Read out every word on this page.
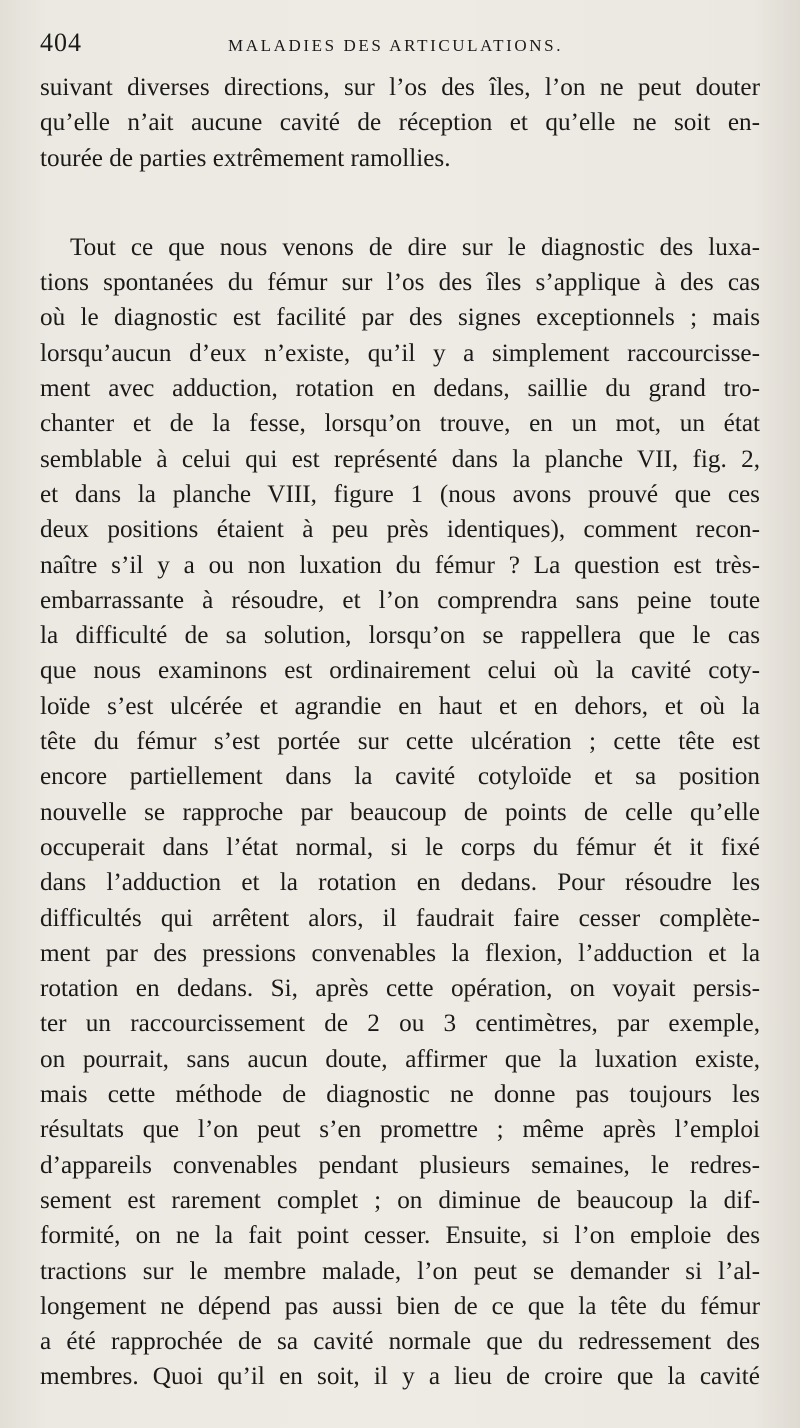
404	MALADIES DES ARTICULATIONS.
suivant diverses directions, sur l’os des îles, l’on ne peut douter
qu’elle n’ait aucune cavité de réception et qu’elle ne soit en-
tourée de parties extrêmement ramollies.
Tout ce que nous venons de dire sur le diagnostic des luxa-
tions spontanées du fémur sur l’os des îles s’applique à des cas
où le diagnostic est facilité par des signes exceptionnels ; mais
lorsqu’aucun d’eux n’existe, qu’il y a simplement raccourcisse-
ment avec adduction, rotation en dedans, saillie du grand tro-
chanter et de la fesse, lorsqu’on trouve, en un mot, un état
semblable à celui qui est représenté dans la planche VII, fig. 2,
et dans la planche VIII, figure 1 (nous avons prouvé que ces
deux positions étaient à peu près identiques), comment recon-
naître s’il y a ou non luxation du fémur ? La question est très-
embarrassante à résoudre, et l’on comprendra sans peine toute
la difficulté de sa solution, lorsqu’on se rappellera que le cas
que nous examinons est ordinairement celui où la cavité coty-
loïde s’est ulcérée et agrandie en haut et en dehors, et où la
tête du fémur s’est portée sur cette ulcération ; cette tête est
encore partiellement dans la cavité cotyloïde et sa position
nouvelle se rapproche par beaucoup de points de celle qu’elle
occuperait dans l’état normal, si le corps du fémur ét it fixé
dans l’adduction et la rotation en dedans. Pour résoudre les
difficultés qui arrêtent alors, il faudrait faire cesser complète-
ment par des pressions convenables la flexion, l’adduction et la
rotation en dedans. Si, après cette opération, on voyait persis-
ter un raccourcissement de 2 ou 3 centimètres, par exemple,
on pourrait, sans aucun doute, affirmer que la luxation existe,
mais cette méthode de diagnostic ne donne pas toujours les
résultats que l’on peut s’en promettre ; même après l’emploi
d’appareils convenables pendant plusieurs semaines, le redres-
sement est rarement complet ; on diminue de beaucoup la dif-
formité, on ne la fait point cesser. Ensuite, si l’on emploie des
tractions sur le membre malade, l’on peut se demander si l’al-
longement ne dépend pas aussi bien de ce que la tête du fémur
a été rapprochée de sa cavité normale que du redressement des
membres. Quoi qu’il en soit, il y a lieu de croire que la cavité
